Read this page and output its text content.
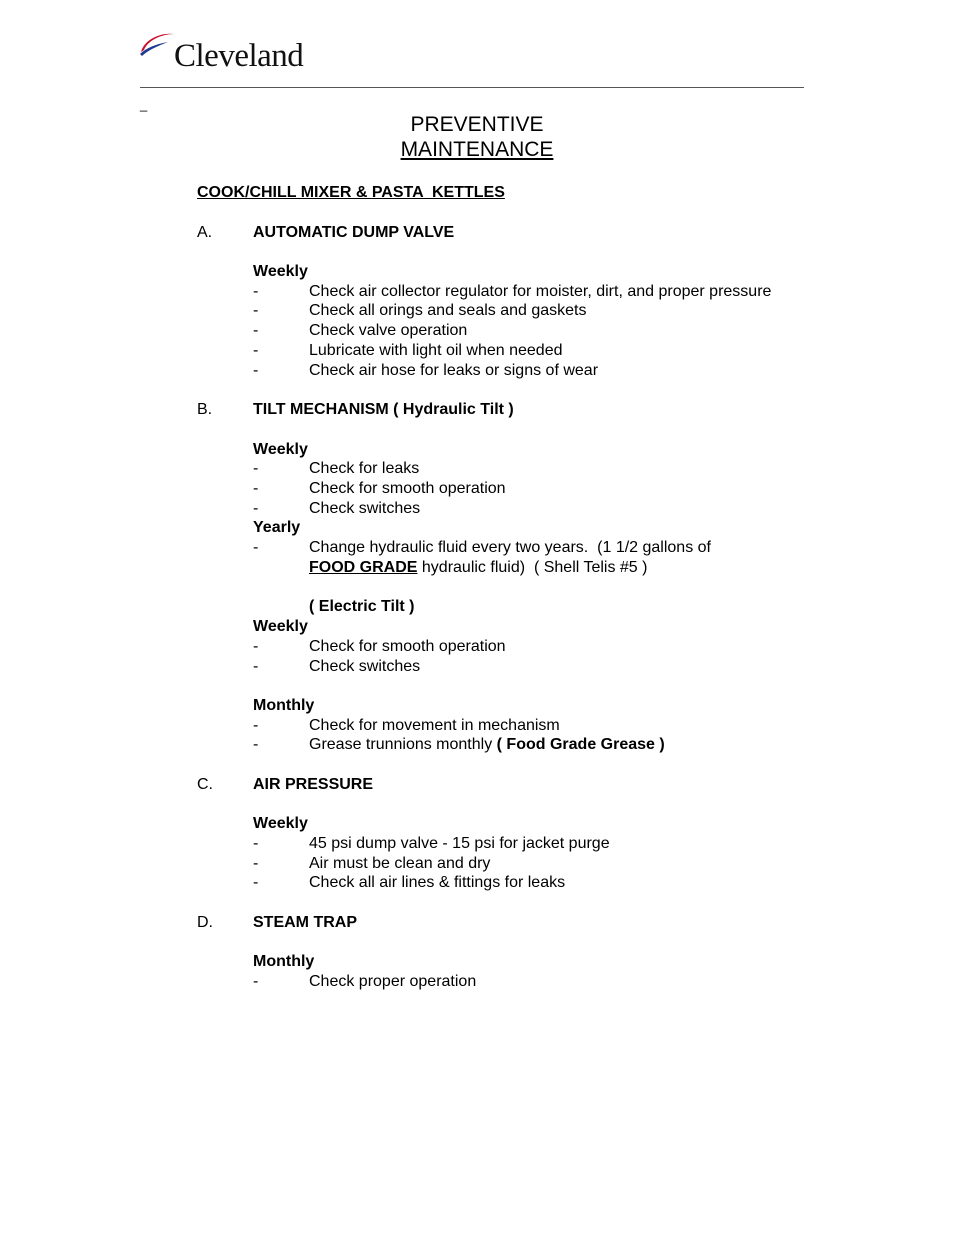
Cleveland
_
PREVENTIVE
MAINTENANCE
COOK/CHILL MIXER & PASTA  KETTLES
A.	AUTOMATIC DUMP VALVE
Weekly
-	Check air collector regulator for moister, dirt, and proper pressure
-	Check all orings and seals and gaskets
-	Check valve operation
-	Lubricate with light oil when needed
-	Check air hose for leaks or signs of wear
B.	TILT MECHANISM ( Hydraulic Tilt )
Weekly
-	Check for leaks
-	Check for smooth operation
-	Check switches
Yearly
-	Change hydraulic fluid every two years.  (1 1/2 gallons of
FOOD GRADE hydraulic fluid)  ( Shell Telis #5 )
( Electric Tilt )
Weekly
-	Check for smooth operation
-	Check switches
Monthly
-	Check for movement in mechanism
-	Grease trunnions monthly ( Food Grade Grease )
C.	AIR PRESSURE
Weekly
-	45 psi dump valve - 15 psi for jacket purge
-	Air must be clean and dry
-	Check all air lines & fittings for leaks
D.	STEAM TRAP
Monthly
-	Check proper operation
